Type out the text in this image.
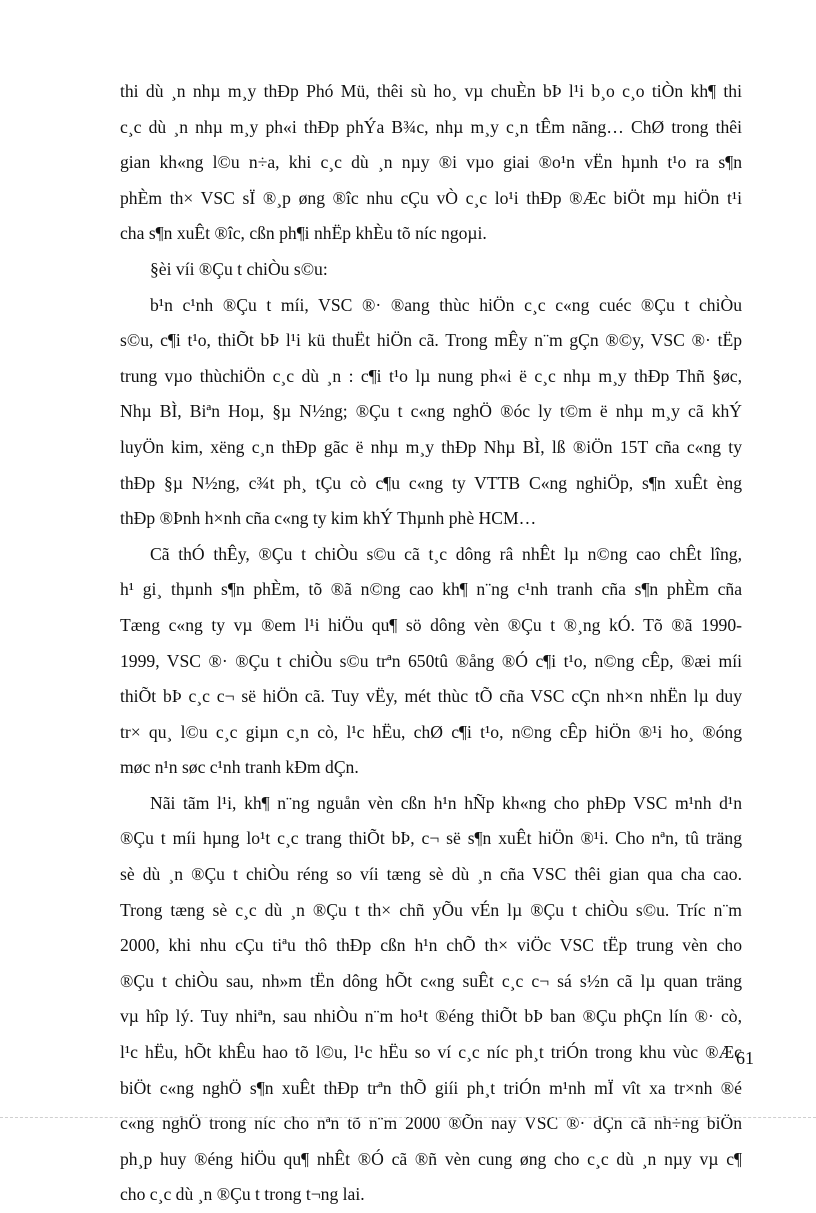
thi dù ¸n nhµ m¸y thÐp Phó Mü, thêi sù ho¸ vµ chuÈn bÞ l¹i b¸o c¸o tiÒn kh¶ thi
c¸c dù ¸n nhµ m¸y ph«i thÐp phÝa B¾c, nhµ m¸y c¸n tÊm nãng… ChØ trong thêi
gian kh«ng l©u n÷a, khi c¸c dù ¸n nµy ®i vµo giai ®o¹n vËn hµnh t¹o ra s¶n
phÈm th× VSC sÏ ®¸p øng ®îc nhu cÇu vÒ c¸c lo¹i thÐp ®Æc biÖt mµ hiÖn t¹i
cha s¶n xuÊt ®îc, cßn ph¶i nhËp khÈu tõ níc ngoµi.
§èi víi ®Çu t chiÒu s©u:
b¹n c¹nh ®Çu t míi, VSC ®· ®ang thùc hiÖn c¸c c«ng cuéc ®Çu t chiÒu
s©u, c¶i t¹o, thiÕt bÞ l¹i kü thuËt hiÖn cã. Trong mÊy n¨m gÇn ®©y, VSC ®· tËp
trung vµo thùchiÖn c¸c dù ¸n : c¶i t¹o lµ nung ph«i ë c¸c nhµ m¸y thÐp Thñ §øc,
Nhµ BÌ, Biªn Hoµ, §µ N½ng; ®Çu t c«ng nghÖ ®óc ly t©m ë nhµ m¸y cã khÝ
luyÖn kim, xëng c¸n thÐp gãc ë nhµ m¸y thÐp Nhµ BÌ, lß ®iÖn 15T cña c«ng ty
thÐp §µ N½ng, c¾t ph¸ tÇu cò c¶u c«ng ty VTTB C«ng nghiÖp, s¶n xuÊt èng
thÐp ®Þnh h×nh cña c«ng ty kim khÝ Thµnh phè HCM…
Cã thÓ thÊy, ®Çu t chiÒu s©u cã t¸c dông râ nhÊt lµ n©ng cao chÊt lîng,
h¹ gi¸ thµnh s¶n phÈm, tõ ®ã n©ng cao kh¶ n¨ng c¹nh tranh cña s¶n phÈm cña
Tæng c«ng ty vµ ®em l¹i hiÖu qu¶ sö dông vèn ®Çu t ®¸ng kÓ. Tõ ®ã 1990-
1999, VSC ®· ®Çu t chiÒu s©u trªn 650tû ®ång ®Ó c¶i t¹o, n©ng cÊp, ®æi míi
thiÕt bÞ c¸c c¬ së hiÖn cã. Tuy vËy, mét thùc tÕ cña VSC cÇn nh×n nhËn lµ duy
tr× qu¸ l©u c¸c giµn c¸n cò, l¹c hËu, chØ c¶i t¹o, n©ng cÊp hiÖn ®¹i ho¸ ®óng
møc n¹n søc c¹nh tranh kÐm dÇn.
Nãi tãm l¹i, kh¶ n¨ng nguån vèn cßn h¹n hÑp kh«ng cho phÐp VSC m¹nh d¹n
®Çu t míi hµng lo¹t c¸c trang thiÕt bÞ, c¬ së s¶n xuÊt hiÖn ®¹i. Cho nªn, tû träng
sè dù ¸n ®Çu t chiÒu réng so víi tæng sè dù ¸n cña VSC thêi gian qua cha cao.
Trong tæng sè c¸c dù ¸n ®Çu t th× chñ yÕu vÉn lµ ®Çu t chiÒu s©u. Tríc n¨m
2000, khi nhu cÇu tiªu thô thÐp cßn h¹n chÕ th× viÖc VSC tËp trung vèn cho
®Çu t chiÒu sau, nh»m tËn dông hÕt c«ng suÊt c¸c c¬ sá s½n cã lµ quan träng
vµ hîp lý. Tuy nhiªn, sau nhiÒu n¨m ho¹t ®éng thiÕt bÞ ban ®Çu phÇn lín ®· cò,
l¹c hËu, hÕt khÊu hao tõ l©u, l¹c hËu so ví c¸c níc ph¸t triÓn trong khu vùc ®Æc
biÖt c«ng nghÖ s¶n xuÊt thÐp trªn thÕ giíi ph¸t triÓn m¹nh mÏ vît xa tr×nh ®é
c«ng nghÖ trong níc cho nªn tõ n¨m 2000 ®Õn nay VSC ®· dÇn cã nh÷ng biÖn
ph¸p huy ®éng hiÖu qu¶ nhÊt ®Ó cã ®ñ vèn cung øng cho c¸c dù ¸n nµy vµ c¶
cho c¸c dù ¸n ®Çu t trong t¬ng lai.
61
